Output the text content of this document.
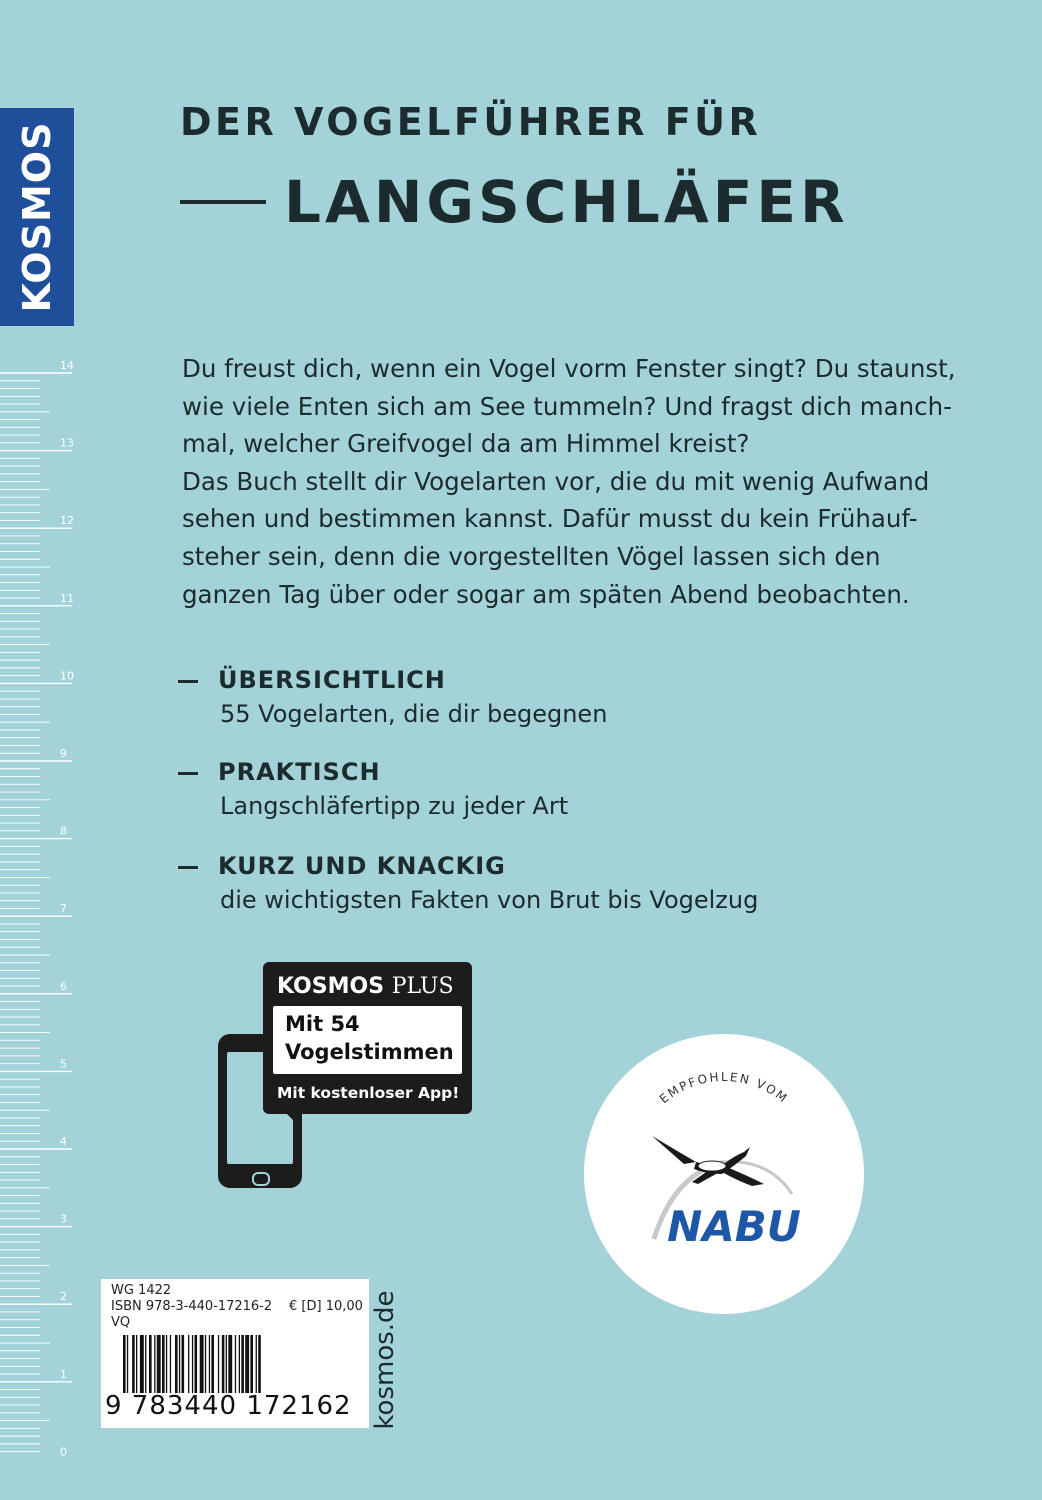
KOSMOS
14
13
12
11
10
9
8
7
6
5
4
3
2
1
0
DER VOGELFÜHRER FÜR
LANGSCHLÄFER

Du freust dich, wenn ein Vogel vorm Fenster singt? Du staunst,

wie viele Enten sich am See tummeln? Und fragst dich manch-

mal, welcher Greifvogel da am Himmel kreist?

Das Buch stellt dir Vogelarten vor, die du mit wenig Aufwand

sehen und bestimmen kannst. Dafür musst du kein Frühauf-

steher sein, denn die vorgestellten Vögel lassen sich den

ganzen Tag über oder sogar am späten Abend beobachten.

ÜBERSICHTLICH
55 Vogelarten, die dir begegnen
PRAKTISCH
Langschläfertipp zu jeder Art
KURZ UND KNACKIG
die wichtigsten Fakten von Brut bis Vogelzug
KOSMOS PLUS
Mit 54
Vogelstimmen
Mit kostenloser App!	EMPFOHLEN VOM
NABU
WG 1422
ISBN 978-3-440-17216-2 € [D] 10,00
VQ
9 783440 172162 kosmos.de
